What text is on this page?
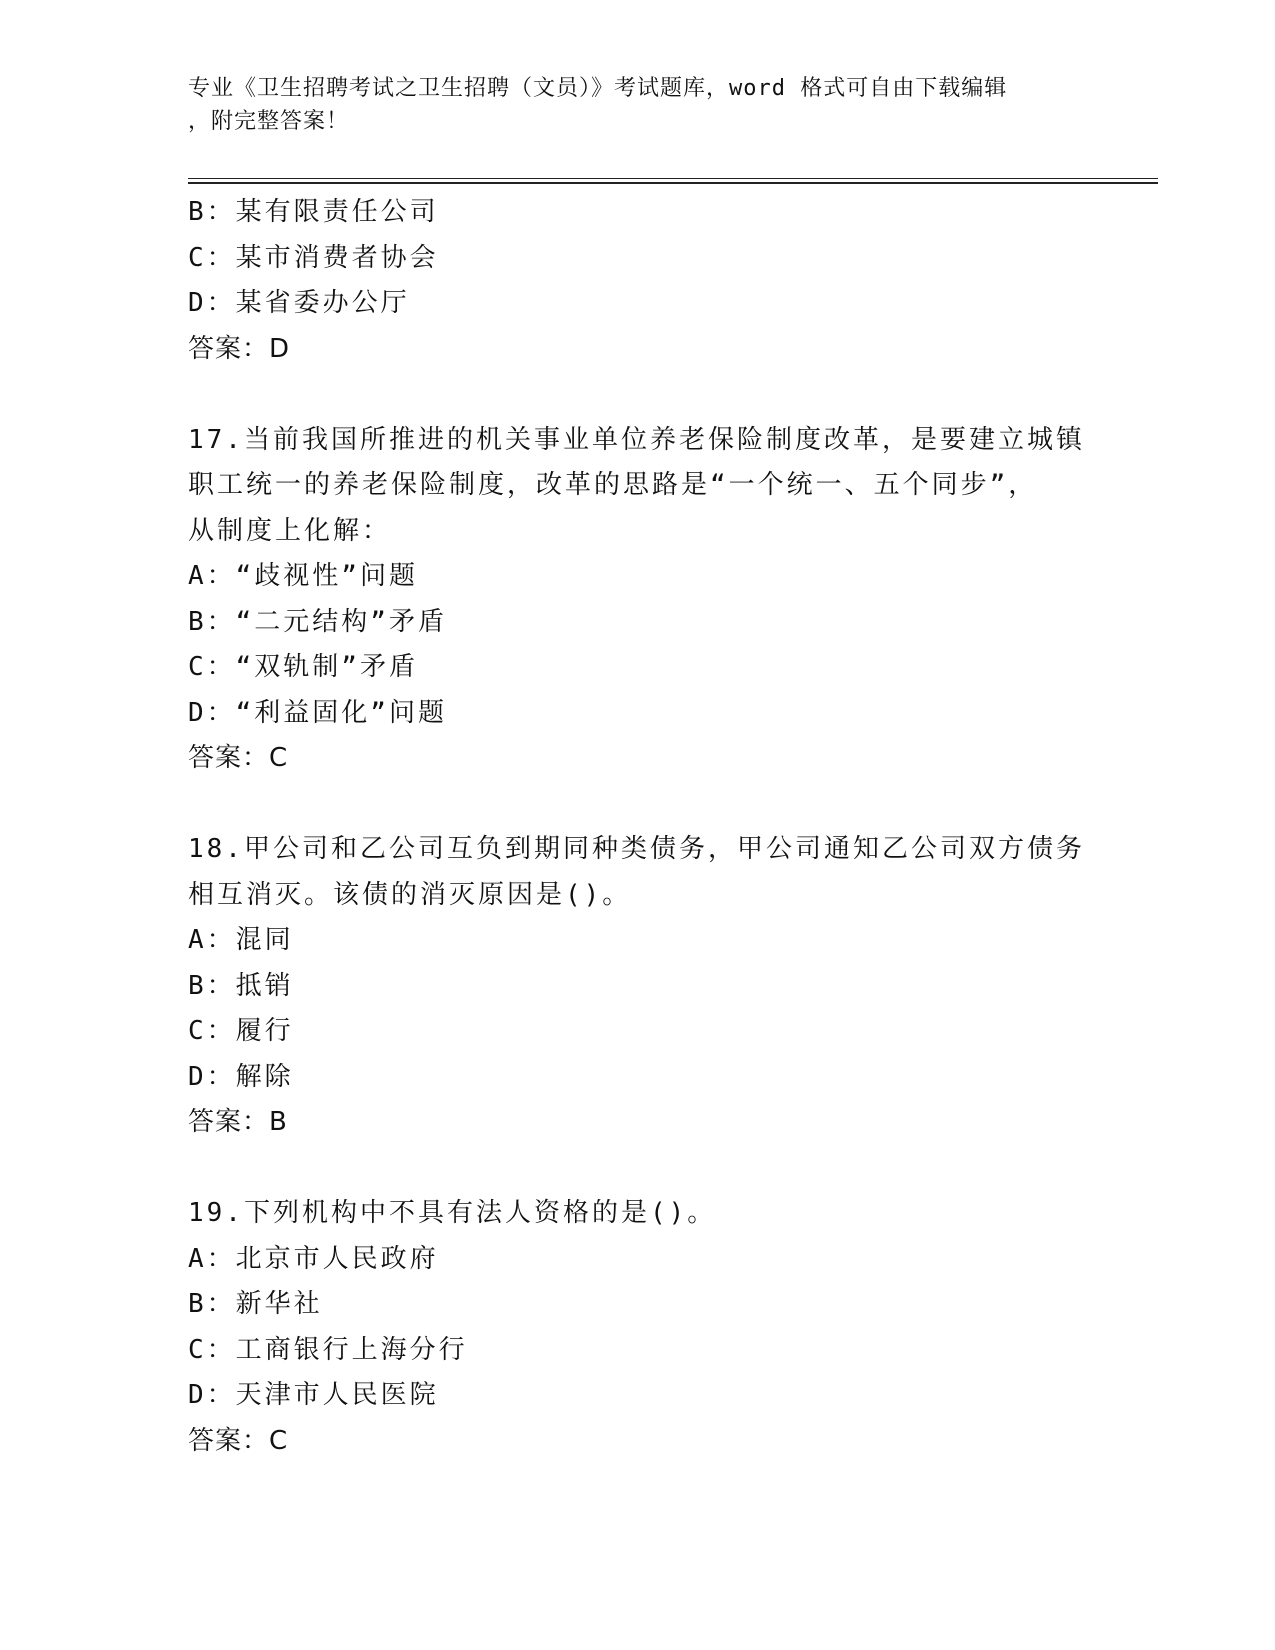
专业《卫生招聘考试之卫生招聘（文员）》考试题库，word 格式可自由下载编辑
，附完整答案！
B：某有限责任公司
C：某市消费者协会
D：某省委办公厅
答案：D
17.当前我国所推进的机关事业单位养老保险制度改革，是要建立城镇
职工统一的养老保险制度，改革的思路是“一个统一、五个同步”，
从制度上化解：
A：“歧视性”问题
B：“二元结构”矛盾
C：“双轨制”矛盾
D：“利益固化”问题
答案：C
18.甲公司和乙公司互负到期同种类债务，甲公司通知乙公司双方债务
相互消灭。该债的消灭原因是()。
A：混同
B：抵销
C：履行
D：解除
答案：B
19.下列机构中不具有法人资格的是()。
A：北京市人民政府
B：新华社
C：工商银行上海分行
D：天津市人民医院
答案：C
